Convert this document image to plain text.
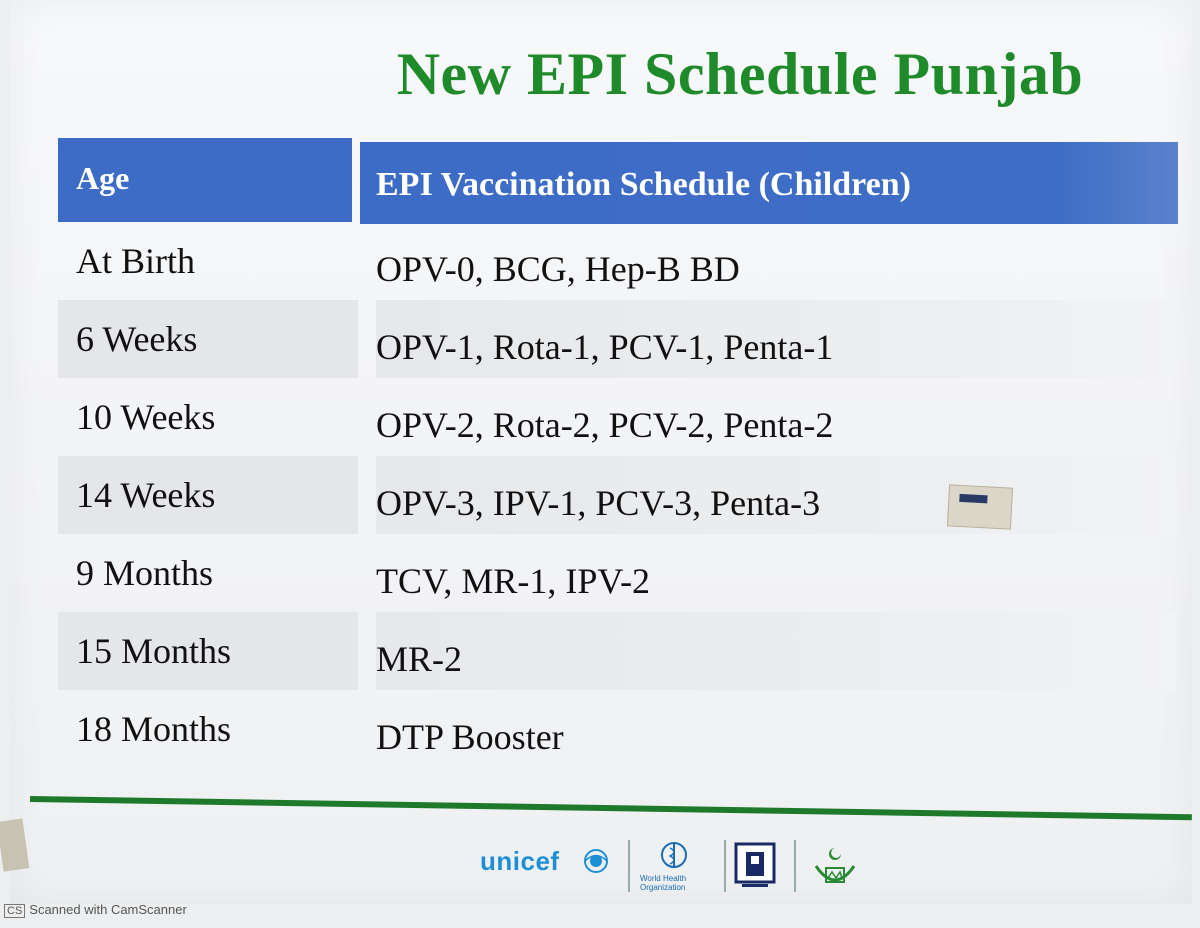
New EPI Schedule Punjab
Age	EPI Vaccination Schedule (Children)
At Birth	OPV-0, BCG, Hep-B BD
6 Weeks	OPV-1, Rota-1, PCV-1, Penta-1
10 Weeks	OPV-2, Rota-2, PCV-2, Penta-2
14 Weeks	OPV-3, IPV-1, PCV-3, Penta-3
9 Months	TCV, MR-1, IPV-2
15 Months	MR-2
18 Months	DTP Booster
unicef
World Health
Organization
CS Scanned with CamScanner
